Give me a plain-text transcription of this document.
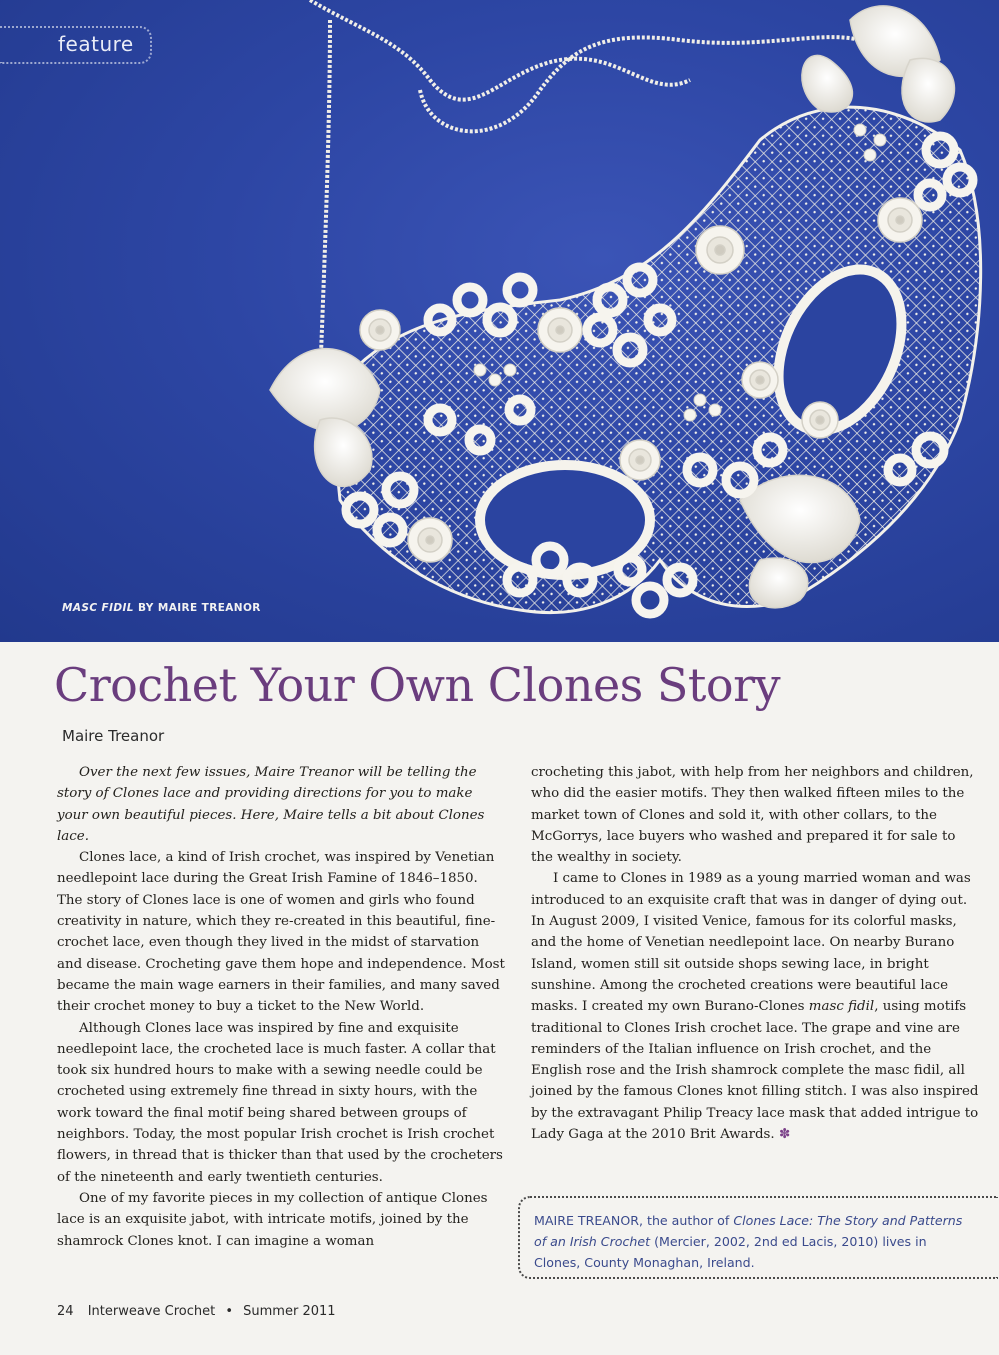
feature
MASC FIDIL BY MAIRE TREANOR
Crochet Your Own Clones Story
Maire Treanor

Over the next few issues, Maire Treanor will be telling the story of Clones lace and providing directions for you to make your own beautiful pieces. Here, Maire tells a bit about Clones lace.

Clones lace, a kind of Irish crochet, was inspired by Venetian needlepoint lace during the Great Irish Famine of 1846–1850. The story of Clones lace is one of women and girls who found creativity in nature, which they re-created in this beautiful, fine-crochet lace, even though they lived in the midst of starvation and disease. Crocheting gave them hope and independence. Most became the main wage earners in their families, and many saved their crochet money to buy a ticket to the New World.

Although Clones lace was inspired by fine and exquisite needlepoint lace, the crocheted lace is much faster. A collar that took six hundred hours to make with a sewing needle could be crocheted using extremely fine thread in sixty hours, with the work toward the final motif being shared between groups of neighbors. Today, the most popular Irish crochet is Irish crochet flowers, in thread that is thicker than that used by the crocheters of the nineteenth and early twentieth centuries.

One of my favorite pieces in my collection of antique Clones lace is an exquisite jabot, with intricate motifs, joined by the shamrock Clones knot. I can imagine a woman

crocheting this jabot, with help from her neighbors and children, who did the easier motifs. They then walked fifteen miles to the market town of Clones and sold it, with other collars, to the McGorrys, lace buyers who washed and prepared it for sale to the wealthy in society.

I came to Clones in 1989 as a young married woman and was introduced to an exquisite craft that was in danger of dying out. In August 2009, I visited Venice, famous for its colorful masks, and the home of Venetian needlepoint lace. On nearby Burano Island, women still sit outside shops sewing lace, in bright sunshine. Among the crocheted creations were beautiful lace masks. I created my own Burano-Clones masc fidil, using motifs traditional to Clones Irish crochet lace. The grape and vine are reminders of the Italian influence on Irish crochet, and the English rose and the Irish shamrock complete the masc fidil, all joined by the famous Clones knot filling stitch. I was also inspired by the extravagant Philip Treacy lace mask that added intrigue to Lady Gaga at the 2010 Brit Awards. ✽

MAIRE TREANOR, the author of Clones Lace: The Story and Patterns of an Irish Crochet (Mercier, 2002, 2nd ed Lacis, 2010) lives in Clones, County Monaghan, Ireland.
24 Interweave Crochet • Summer 2011
